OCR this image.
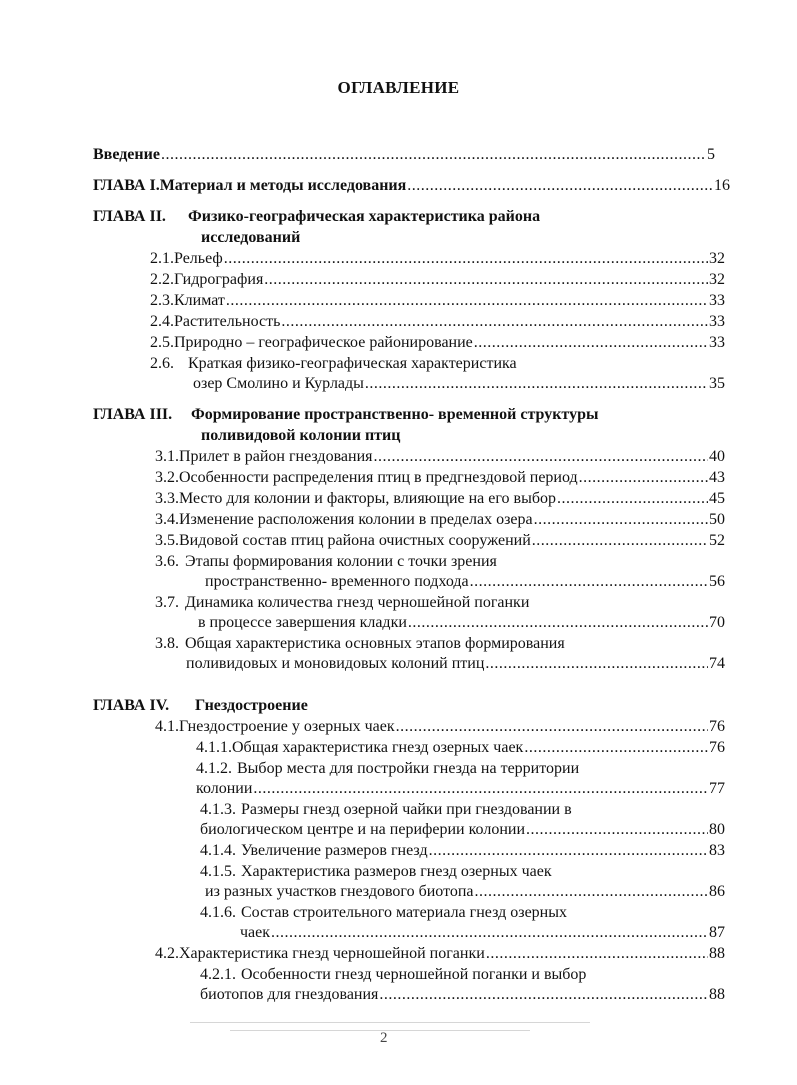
ОГЛАВЛЕНИЕ
Введение .....	5
ГЛАВА I. Материал и методы исследования .....	16
ГЛАВА II. Физико-географическая характеристика района
исследований
2.1. Рельеф .....	32
2.2. Гидрография .....	32
2.3. Климат .....	33
2.4. Растительность .....	33
2.5. Природно – географическое районирование .....	33
2.6. Краткая физико-географическая характеристика
озер Смолино и Курлады .....	35
ГЛАВА III. Формирование пространственно- временной структуры
поливидовой колонии птиц
3.1. Прилет в район гнездования .....	40
3.2. Особенности распределения птиц в предгнездовой период .....	43
3.3. Место для колонии и факторы, влияющие на его выбор .....	45
3.4. Изменение расположения колонии в пределах озера .....	50
3.5. Видовой состав птиц района очистных сооружений .....	52
3.6. Этапы формирования колонии с точки зрения
пространственно- временного подхода .....	56
3.7. Динамика количества гнезд черношейной поганки
в процессе завершения кладки .....	70
3.8. Общая характеристика основных этапов формирования
поливидовых и моновидовых колоний птиц .....	74
ГЛАВА IV. Гнездостроение
4.1. Гнездостроение у озерных чаек .....	76
4.1.1. Общая характеристика гнезд озерных чаек .....	76
4.1.2. Выбор места для постройки гнезда на территории
колонии .....	77
4.1.3. Размеры гнезд озерной чайки при гнездовании в
биологическом центре и на периферии колонии .....	80
4.1.4. Увеличение размеров гнезд .....	83
4.1.5. Характеристика размеров гнезд озерных чаек
из разных участков гнездового биотопа .....	86
4.1.6. Состав строительного материала гнезд озерных
чаек .....	87
4.2. Характеристика гнезд черношейной поганки .....	88
4.2.1. Особенности гнезд черношейной поганки и выбор
биотопов для гнездования .....	88
2
